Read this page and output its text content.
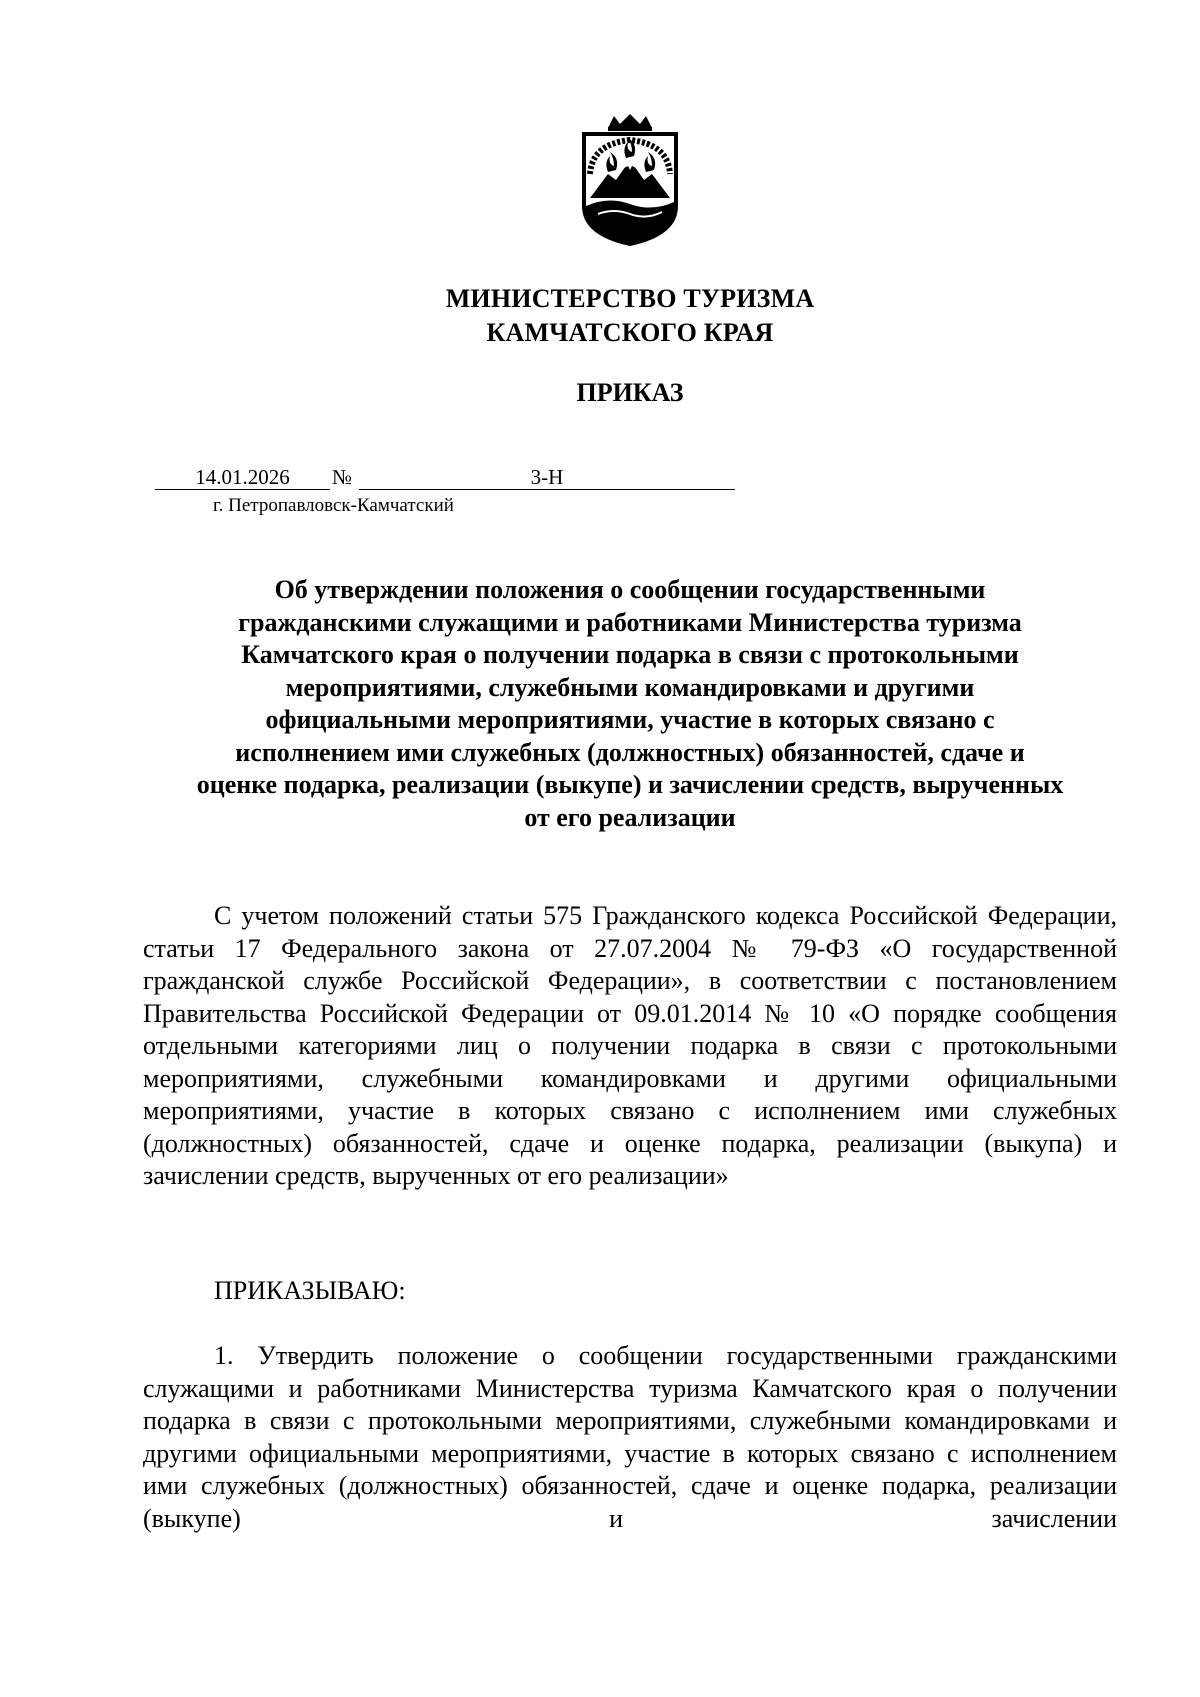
МИНИСТЕРСТВО ТУРИЗМА
КАМЧАТСКОГО КРАЯ
ПРИКАЗ
14.01.2026	№	3-Н
г. Петропавловск-Камчатский
Об утверждении положения о сообщении государственными
гражданскими служащими и работниками Министерства туризма
Камчатского края о получении подарка в связи с протокольными
мероприятиями, служебными командировками и другими
официальными мероприятиями, участие в которых связано с
исполнением ими служебных (должностных) обязанностей, сдаче и
оценке подарка, реализации (выкупе) и зачислении средств, вырученных
от его реализации
С учетом положений статьи 575 Гражданского кодекса Российской Федерации, статьи 17 Федерального закона от 27.07.2004 № 79-ФЗ «О государственной гражданской службе Российской Федерации», в соответствии с постановлением Правительства Российской Федерации от 09.01.2014 № 10 «О порядке сообщения отдельными категориями лиц о получении подарка в связи с протокольными мероприятиями, служебными командировками и другими официальными мероприятиями, участие в которых связано с исполнением ими служебных (должностных) обязанностей, сдаче и оценке подарка, реализации (выкупа) и зачислении средств, вырученных от его реализации»
ПРИКАЗЫВАЮ:
1. Утвердить положение о сообщении государственными гражданскими служащими и работниками Министерства туризма Камчатского края о получении подарка в связи с протокольными мероприятиями, служебными командировками и другими официальными мероприятиями, участие в которых связано с исполнением ими служебных (должностных) обязанностей, сдаче и оценке подарка, реализации (выкупе) и зачислении
